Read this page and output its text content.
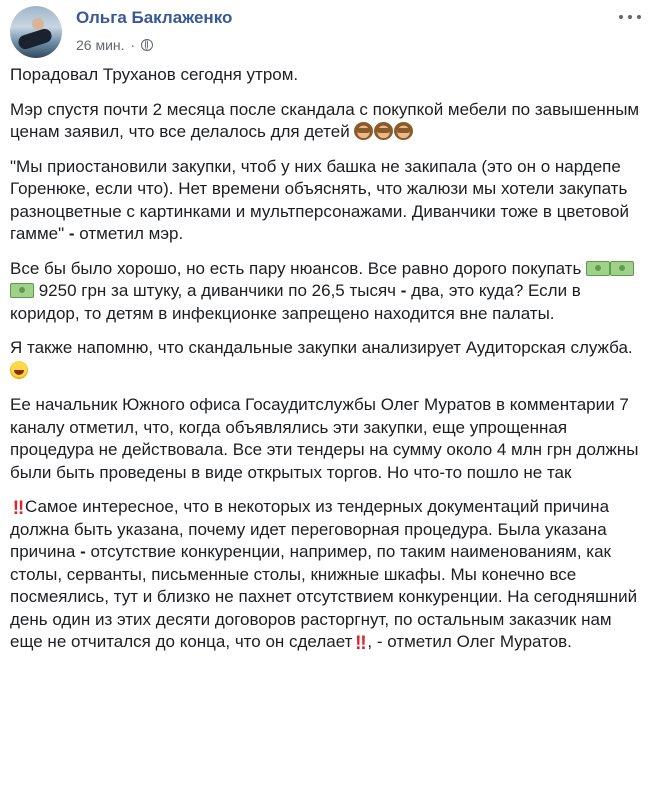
Ольга Баклаженко
26 мин. ·

Порадовал Труханов сегодня утром.

Мэр спустя почти 2 месяца после скандала с покупкой мебели по завышенным ценам заявил, что все делалось для детей

"Мы приостановили закупки, чтоб у них башка не закипала (это он о нардепе Горенюке, если что). Нет времени объяснять, что жалюзи мы хотели закупать разноцветные с картинками и мультперсонажами. Диванчики тоже в цветовой гамме" - отметил мэр.

Все бы было хорошо, но есть пару нюансов. Все равно дорого покупать  9250 грн за штуку, а диванчики по 26,5 тысяч - два, это куда? Если в коридор, то детям в инфекционке запрещено находится вне палаты.

Я также напомню, что скандальные закупки анализирует Аудиторская служба.

Ее начальник Южного офиса Госаудитслужбы Олег Муратов в комментарии 7 каналу отметил, что, когда объявлялись эти закупки, еще упрощенная процедура не действовала. Все эти тендеры на сумму около 4 млн грн должны были быть проведены в виде открытых торгов. Но что-то пошло не так

‼ Самое интересное, что в некоторых из тендерных документаций причина должна быть указана, почему идет переговорная процедура. Была указана причина - отсутствие конкуренции, например, по таким наименованиям, как столы, серванты, письменные столы, книжные шкафы. Мы конечно все посмеялись, тут и близко не пахнет отсутствием конкуренции. На сегодняшний день один из этих десяти договоров расторгнут, по остальным заказчик нам еще не отчитался до конца, что он сделает ‼ , - отметил Олег Муратов.
